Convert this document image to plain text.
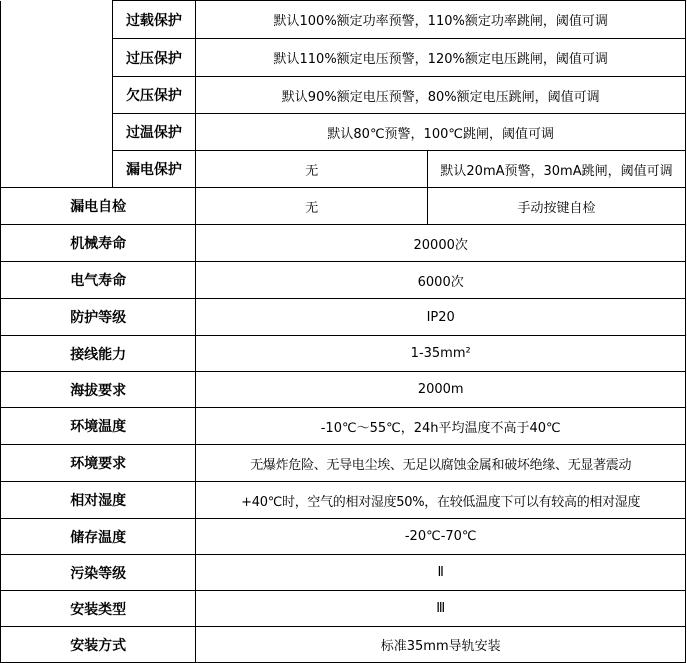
	过载保护	默认100%额定功率预警，110%额定功率跳闸，阈值可调	
	过压保护	默认110%额定电压预警，120%额定电压跳闸，阈值可调	
	欠压保护	默认90%额定电压预警，80%额定电压跳闸，阈值可调	
	过温保护	默认80℃预警，100℃跳闸，阈值可调	
	漏电保护	无	默认20mA预警，30mA跳闸，阈值可调
漏电自检		无	手动按键自检
机械寿命		20000次	
电气寿命		6000次	
防护等级		IP20	
接线能力		1-35mm²	
海拔要求		2000m	
环境温度		-10℃～55℃，24h平均温度不高于40℃	
环境要求		无爆炸危险、无导电尘埃、无足以腐蚀金属和破坏绝缘、无显著震动	
相对湿度		+40℃时，空气的相对湿度50%，在较低温度下可以有较高的相对湿度	
储存温度		-20℃-70℃	
污染等级		Ⅱ	
安装类型		Ⅲ	
安装方式		标准35mm导轨安装	
